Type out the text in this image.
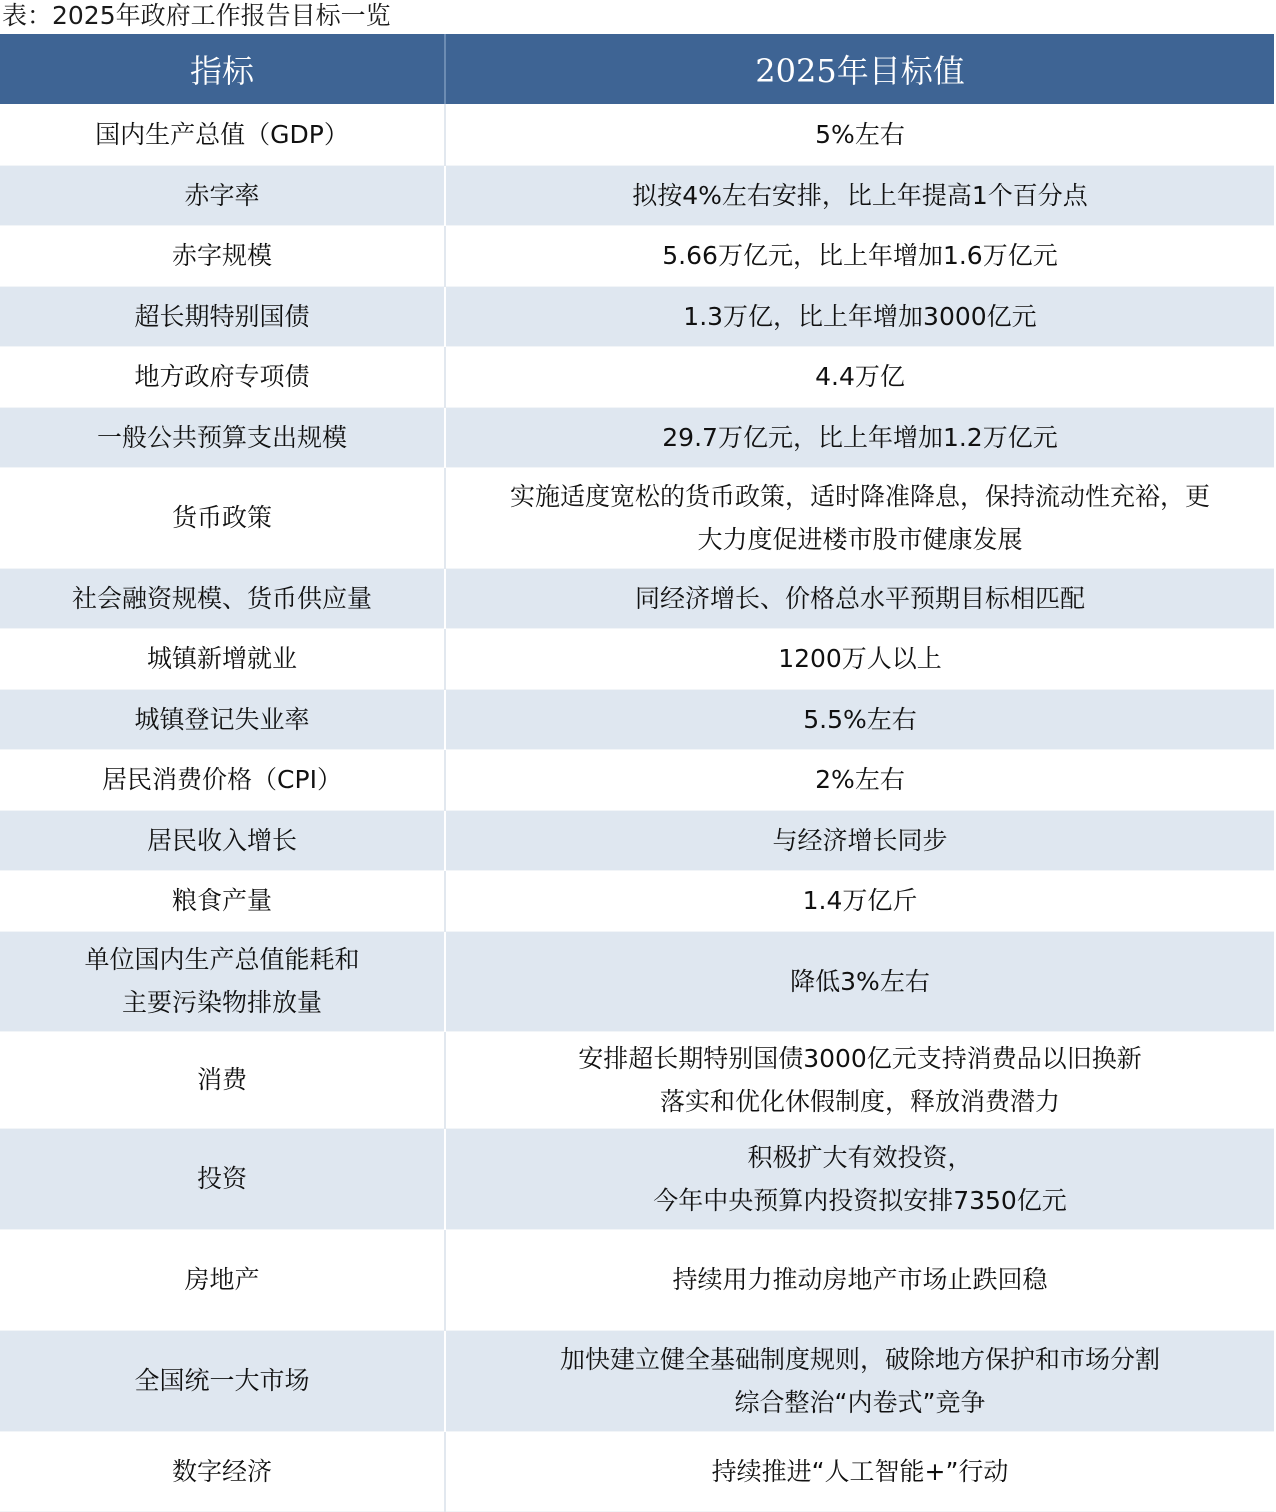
表：2025年政府工作报告目标一览
指标	2025年目标值

国内生产总值（GDP）	5%左右

赤字率	拟按4%左右安排，比上年提高1个百分点

赤字规模	5.66万亿元，比上年增加1.6万亿元

超长期特别国债	1.3万亿，比上年增加3000亿元

地方政府专项债	4.4万亿

一般公共预算支出规模	29.7万亿元，比上年增加1.2万亿元

货币政策	实施适度宽松的货币政策，适时降准降息，保持流动性充裕，更
大力度促进楼市股市健康发展

社会融资规模、货币供应量	同经济增长、价格总水平预期目标相匹配

城镇新增就业	1200万人以上

城镇登记失业率	5.5%左右

居民消费价格（CPI）	2%左右

居民收入增长	与经济增长同步

粮食产量	1.4万亿斤

单位国内生产总值能耗和
主要污染物排放量	降低3%左右

消费	安排超长期特别国债3000亿元支持消费品以旧换新
落实和优化休假制度，释放消费潜力

投资	积极扩大有效投资，
今年中央预算内投资拟安排7350亿元

房地产	持续用力推动房地产市场止跌回稳

全国统一大市场	加快建立健全基础制度规则，破除地方保护和市场分割
综合整治“内卷式”竞争

数字经济	持续推进“人工智能+”行动
